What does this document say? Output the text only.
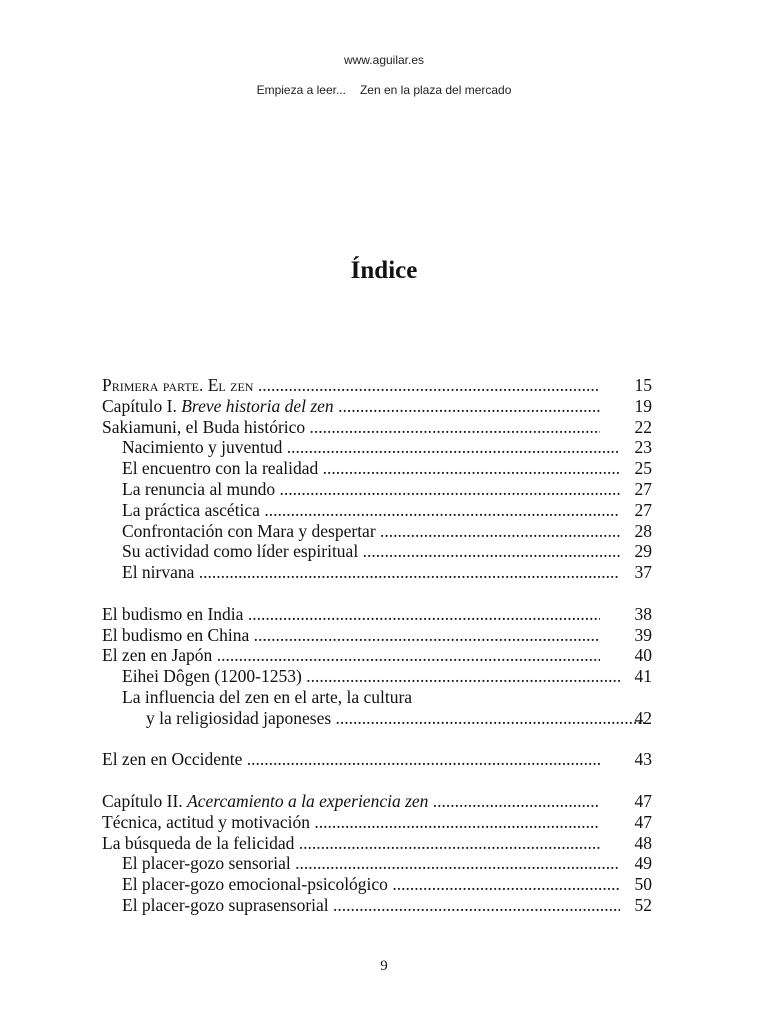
www.aguilar.es
Empieza a leer... Zen en la plaza del mercado
Índice
Primera parte. El zen .....	15
Capítulo I. Breve historia del zen .....	19
Sakiamuni, el Buda histórico .....	22
Nacimiento y juventud .....	23
El encuentro con la realidad .....	25
La renuncia al mundo .....	27
La práctica ascética .....	27
Confrontación con Mara y despertar .....	28
Su actividad como líder espiritual .....	29
El nirvana .....	37
El budismo en India .....	38
El budismo en China .....	39
El zen en Japón .....	40
Eihei Dôgen (1200-1253) .....	41
La influencia del zen en el arte, la cultura
y la religiosidad japoneses .....	42
El zen en Occidente .....	43
Capítulo II. Acercamiento a la experiencia zen .....	47
Técnica, actitud y motivación .....	47
La búsqueda de la felicidad .....	48
El placer-gozo sensorial .....	49
El placer-gozo emocional-psicológico .....	50
El placer-gozo suprasensorial .....	52
9
